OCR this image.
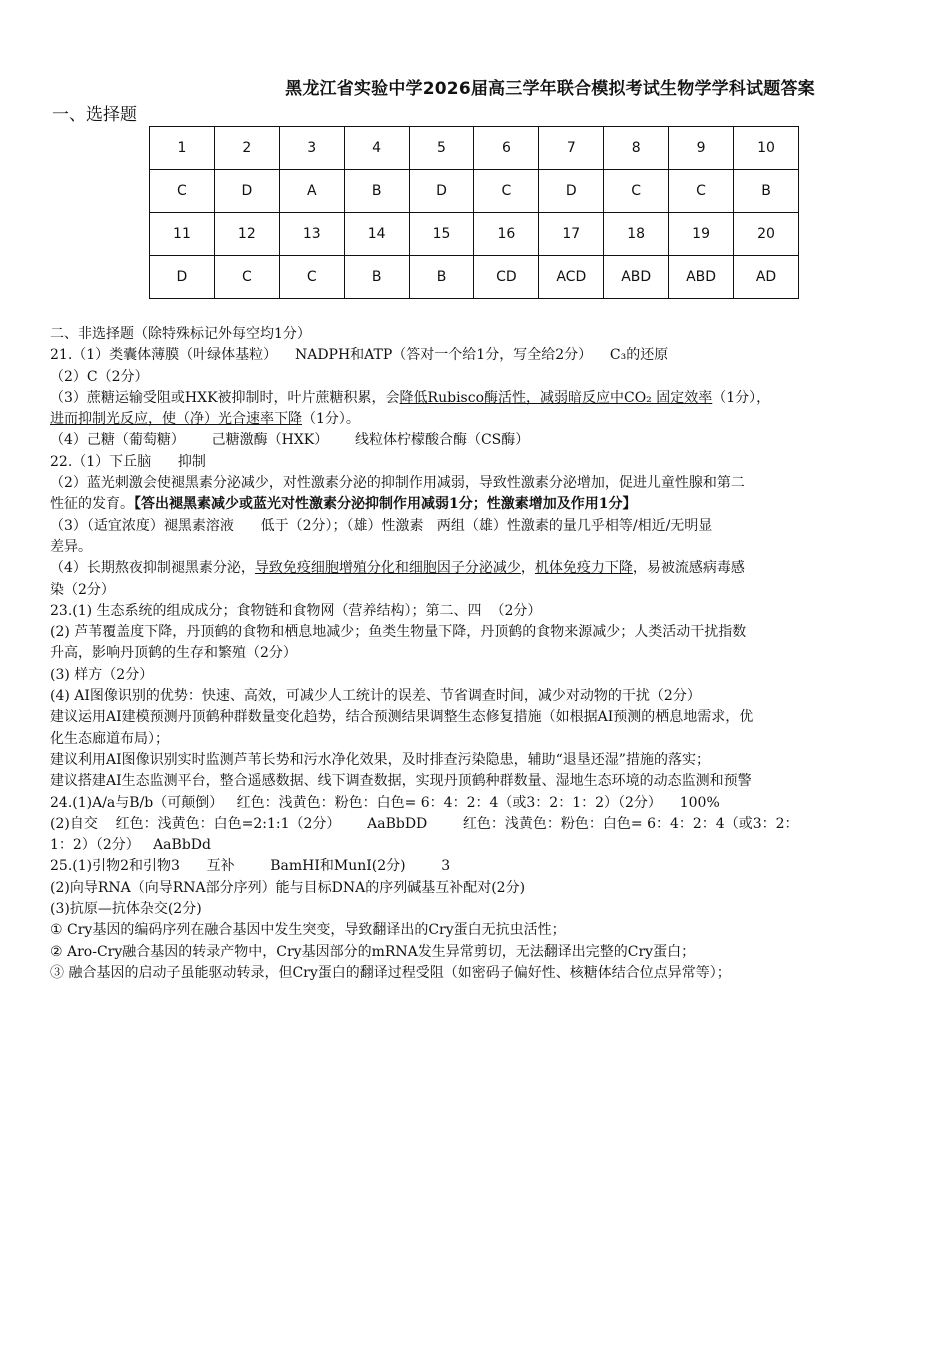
黑龙江省实验中学2026届高三学年联合模拟考试生物学学科试题答案
一、选择题
1	2	3	4	5	6	7	8	9	10
C	D	A	B	D	C	D	C	C	B
11	12	13	14	15	16	17	18	19	20
D	C	C	B	B	CD	ACD	ABD	ABD	AD

二、非选择题（除特殊标记外每空均1分）

21.（1）类囊体薄膜（叶绿体基粒）    NADPH和ATP（答对一个给1分，写全给2分）    C₃的还原

（2）C（2分）

（3）蔗糖运输受阻或HXK被抑制时，叶片蔗糖积累，会降低Rubisco酶活性，减弱暗反应中CO₂ 固定效率（1分），

进而抑制光反应，使（净）光合速率下降（1分）。

（4）己糖（葡萄糖）      己糖激酶（HXK）      线粒体柠檬酸合酶（CS酶）

22.（1）下丘脑      抑制

（2）蓝光刺激会使褪黑素分泌减少，对性激素分泌的抑制作用减弱，导致性激素分泌增加，促进儿童性腺和第二

性征的发育。【答出褪黑素减少或蓝光对性激素分泌抑制作用减弱1分；性激素增加及作用1分】

（3）（适宜浓度）褪黑素溶液      低于（2分）；（雄）性激素   两组（雄）性激素的量几乎相等/相近/无明显

差异。

（4）长期熬夜抑制褪黑素分泌，导致免疫细胞增殖分化和细胞因子分泌减少，机体免疫力下降，易被流感病毒感

染（2分）

23.(1) 生态系统的组成成分；食物链和食物网（营养结构）；第二、四  （2分）

(2) 芦苇覆盖度下降，丹顶鹤的食物和栖息地减少；鱼类生物量下降，丹顶鹤的食物来源减少；人类活动干扰指数

升高，影响丹顶鹤的生存和繁殖（2分）

(3) 样方（2分）

(4) AI图像识别的优势：快速、高效，可减少人工统计的误差、节省调查时间，减少对动物的干扰（2分）

建议运用AI建模预测丹顶鹤种群数量变化趋势，结合预测结果调整生态修复措施（如根据AI预测的栖息地需求，优

化生态廊道布局）；

建议利用AI图像识别实时监测芦苇长势和污水净化效果，及时排查污染隐患，辅助“退垦还湿”措施的落实；

建议搭建AI生态监测平台，整合遥感数据、线下调查数据，实现丹顶鹤种群数量、湿地生态环境的动态监测和预警

24.(1)A/a与B/b（可颠倒）   红色：浅黄色：粉色：白色= 6：4：2：4（或3：2：1：2）（2分）    100%

(2)自交    红色：浅黄色：白色=2:1:1（2分）      AaBbDD        红色：浅黄色：粉色：白色= 6：4：2：4（或3：2：

1：2）（2分）   AaBbDd

25.(1)引物2和引物3      互补        BamHI和MunI(2分)        3

(2)向导RNA（向导RNA部分序列）能与目标DNA的序列碱基互补配对(2分)

(3)抗原—抗体杂交(2分)

① Cry基因的编码序列在融合基因中发生突变，导致翻译出的Cry蛋白无抗虫活性；

② Aro-Cry融合基因的转录产物中，Cry基因部分的mRNA发生异常剪切，无法翻译出完整的Cry蛋白；

③ 融合基因的启动子虽能驱动转录，但Cry蛋白的翻译过程受阻（如密码子偏好性、核糖体结合位点异常等）；
